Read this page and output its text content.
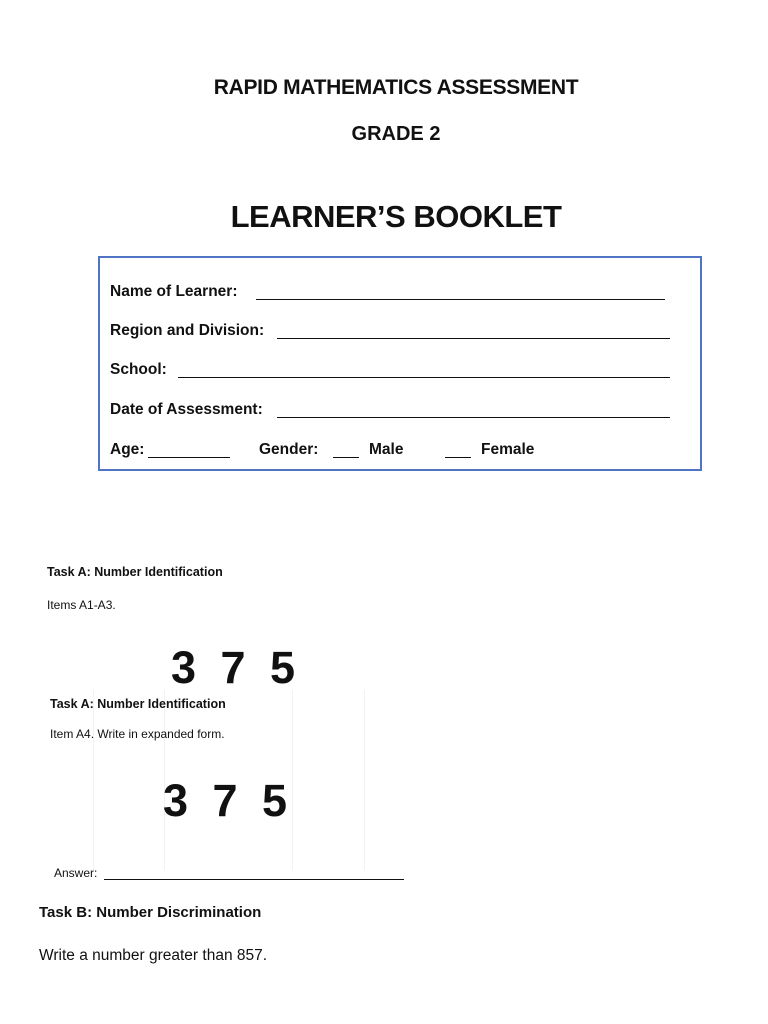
RAPID MATHEMATICS ASSESSMENT
GRADE 2
LEARNER’S BOOKLET
Name of Learner:
Region and Division:
School:
Date of Assessment:
Age:	Gender:	Male	Female
Task A: Number Identification
Items A1-A3.
3 7 5
Task A: Number Identification
Item A4. Write in expanded form.
3 7 5
Answer:
Task B: Number Discrimination
Write a number greater than 857.
